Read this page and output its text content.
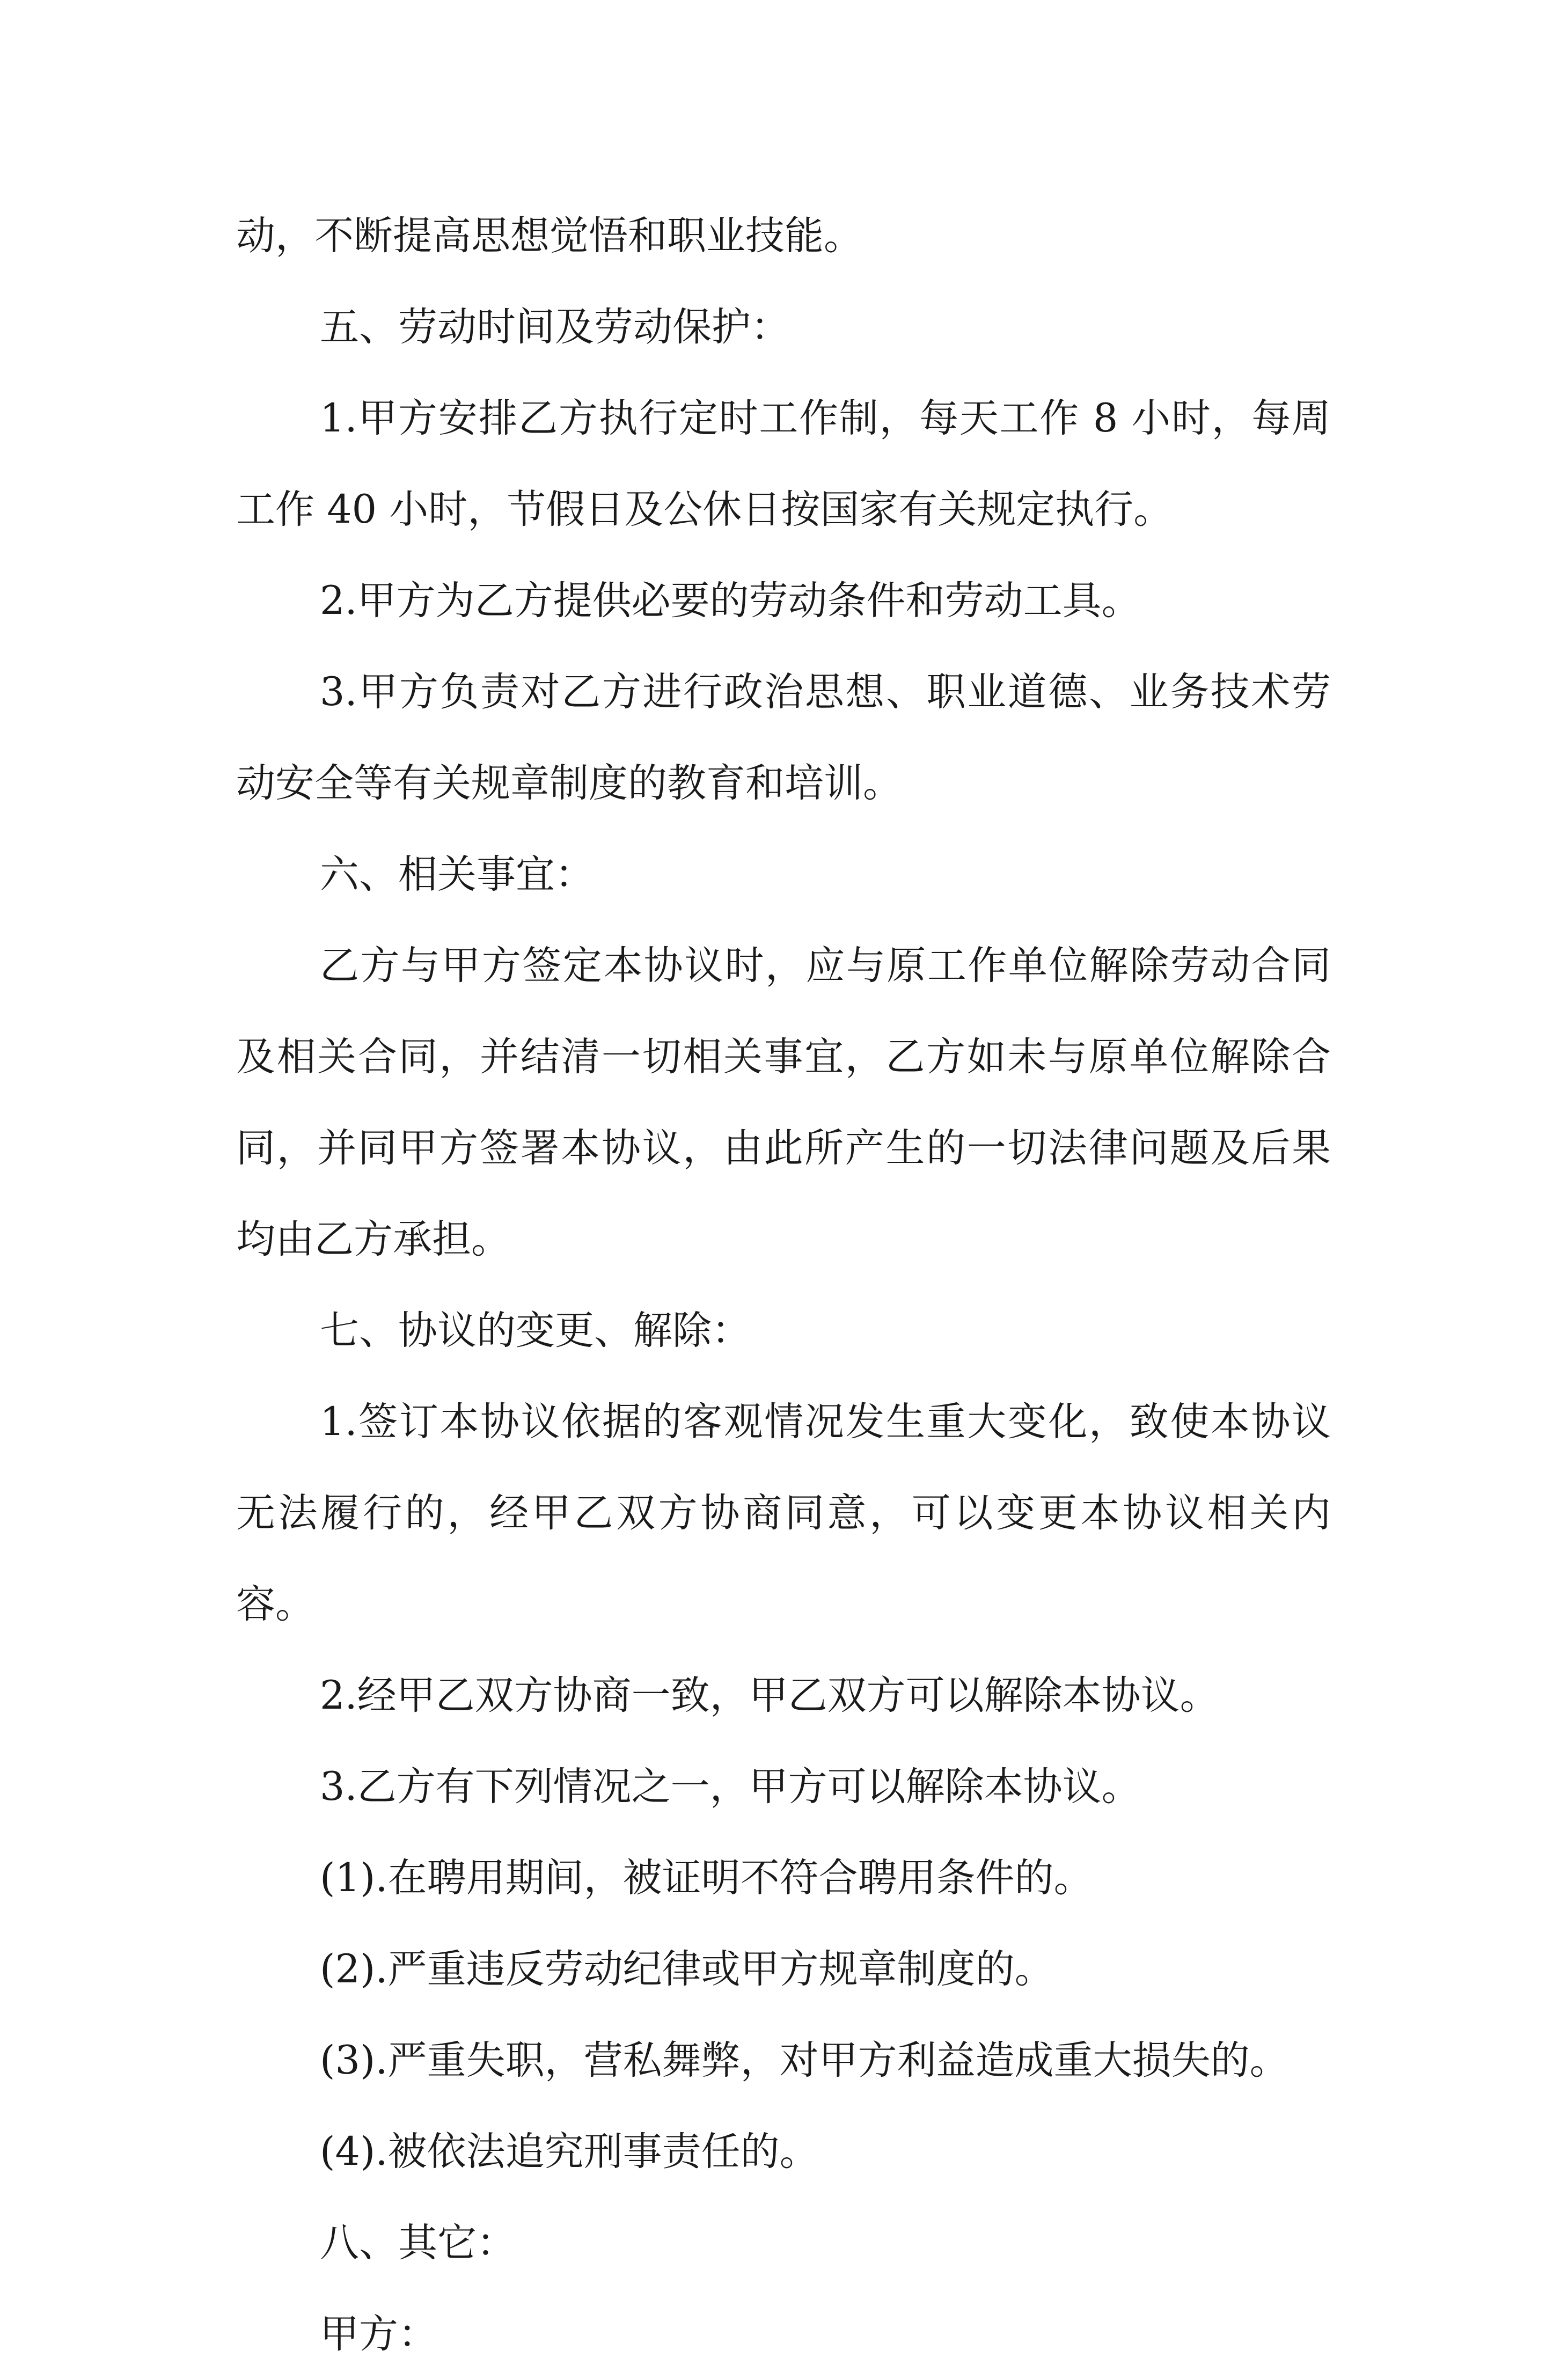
动，不断提高思想觉悟和职业技能。

五、劳动时间及劳动保护：

1.甲方安排乙方执行定时工作制，每天工作 8 小时，每周工作 40 小时，节假日及公休日按国家有关规定执行。

2.甲方为乙方提供必要的劳动条件和劳动工具。

3.甲方负责对乙方进行政治思想、职业道德、业务技术劳动安全等有关规章制度的教育和培训。

六、相关事宜：

乙方与甲方签定本协议时，应与原工作单位解除劳动合同及相关合同，并结清一切相关事宜，乙方如未与原单位解除合同，并同甲方签署本协议，由此所产生的一切法律问题及后果均由乙方承担。

七、协议的变更、解除：

1.签订本协议依据的客观情况发生重大变化，致使本协议无法履行的，经甲乙双方协商同意，可以变更本协议相关内容。

2.经甲乙双方协商一致，甲乙双方可以解除本协议。

3.乙方有下列情况之一，甲方可以解除本协议。

(1).在聘用期间，被证明不符合聘用条件的。

(2).严重违反劳动纪律或甲方规章制度的。

(3).严重失职，营私舞弊，对甲方利益造成重大损失的。

(4).被依法追究刑事责任的。

八、其它：

甲方：
